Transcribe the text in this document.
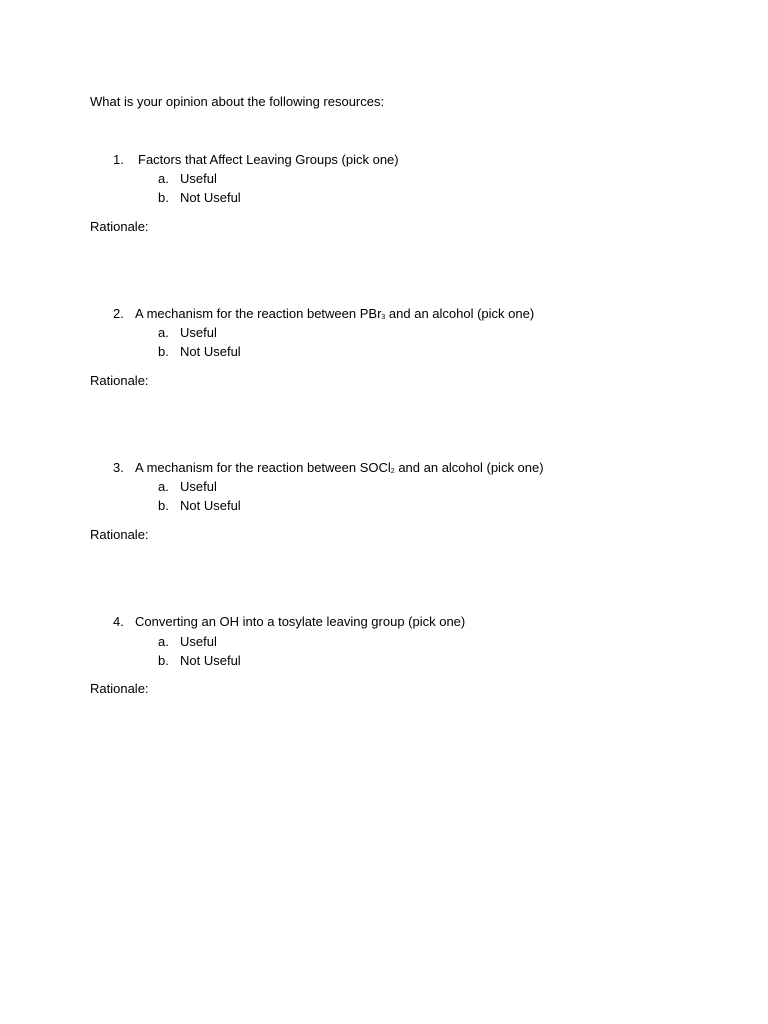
What is your opinion about the following resources:
1. Factors that Affect Leaving Groups (pick one)
a. Useful
b. Not Useful
Rationale:
2. A mechanism for the reaction between PBr$_3$ and an alcohol (pick one)
a. Useful
b. Not Useful
Rationale:
3. A mechanism for the reaction between SOCl$_2$ and an alcohol (pick one)
a. Useful
b. Not Useful
Rationale:
4. Converting an OH into a tosylate leaving group (pick one)
a. Useful
b. Not Useful
Rationale:
